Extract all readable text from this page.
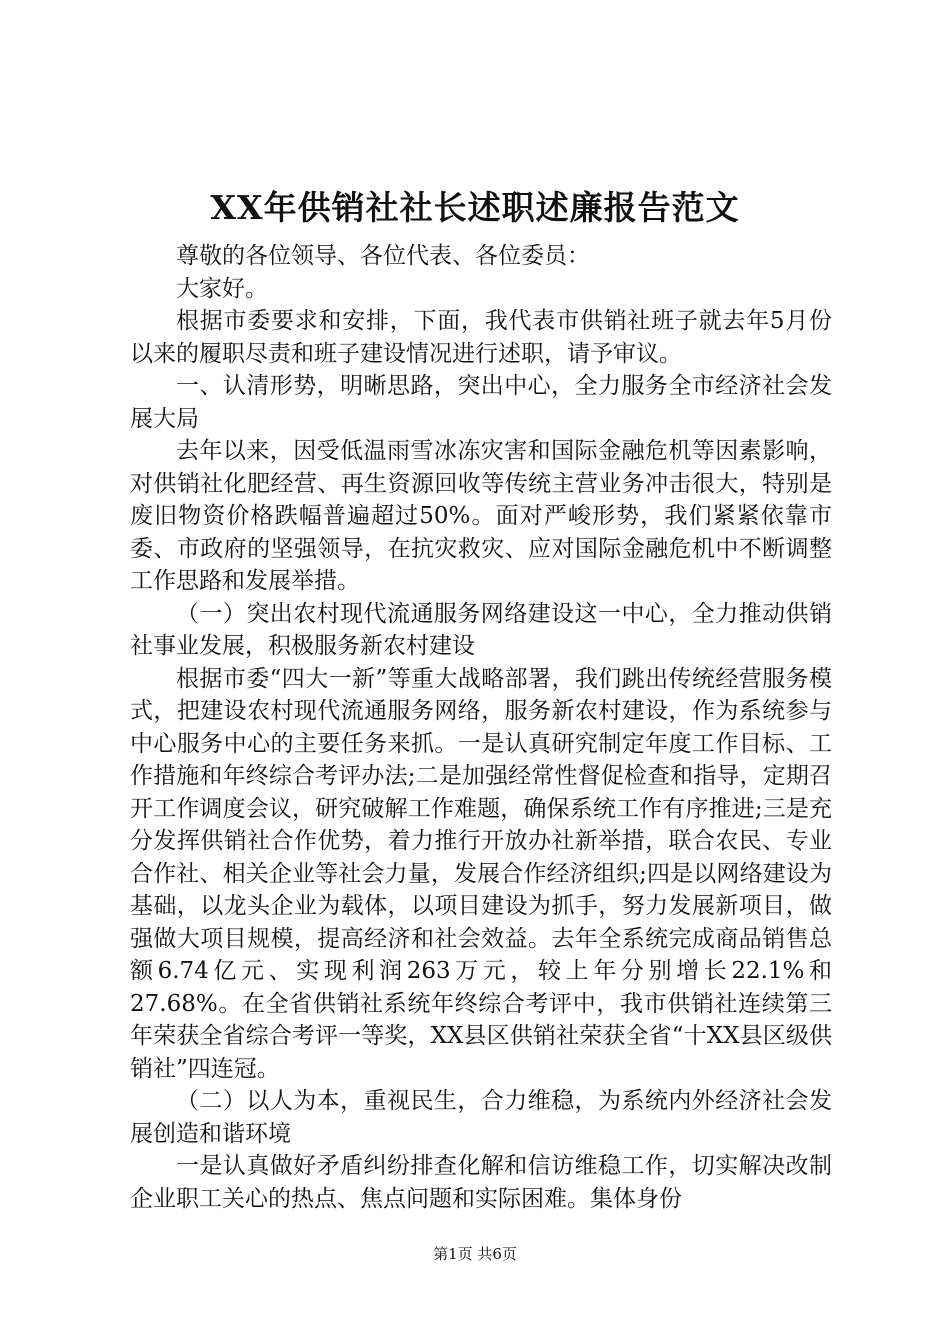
XX年供销社社长述职述廉报告范文

尊敬的各位领导、各位代表、各位委员：

大家好。

根据市委要求和安排，下面，我代表市供销社班子就去年5月份以来的履职尽责和班子建设情况进行述职，请予审议。

一、认清形势，明晰思路，突出中心，全力服务全市经济社会发展大局

去年以来，因受低温雨雪冰冻灾害和国际金融危机等因素影响，对供销社化肥经营、再生资源回收等传统主营业务冲击很大，特别是废旧物资价格跌幅普遍超过50%。面对严峻形势，我们紧紧依靠市委、市政府的坚强领导，在抗灾救灾、应对国际金融危机中不断调整工作思路和发展举措。

（一）突出农村现代流通服务网络建设这一中心，全力推动供销社事业发展，积极服务新农村建设

根据市委“四大一新”等重大战略部署，我们跳出传统经营服务模式，把建设农村现代流通服务网络，服务新农村建设，作为系统参与中心服务中心的主要任务来抓。一是认真研究制定年度工作目标、工作措施和年终综合考评办法;二是加强经常性督促检查和指导，定期召开工作调度会议，研究破解工作难题，确保系统工作有序推进;三是充分发挥供销社合作优势，着力推行开放办社新举措，联合农民、专业合作社、相关企业等社会力量，发展合作经济组织;四是以网络建设为基础，以龙头企业为载体，以项目建设为抓手，努力发展新项目，做强做大项目规模，提高经济和社会效益。去年全系统完成商品销售总额6.74亿元、实现利润263万元，较上年分别增长22.1%和27.68%。在全省供销社系统年终综合考评中，我市供销社连续第三年荣获全省综合考评一等奖，XX县区供销社荣获全省“十XX县区级供销社”四连冠。

（二）以人为本，重视民生，合力维稳，为系统内外经济社会发展创造和谐环境

一是认真做好矛盾纠纷排查化解和信访维稳工作，切实解决改制企业职工关心的热点、焦点问题和实际困难。集体身份

第1页 共6页
